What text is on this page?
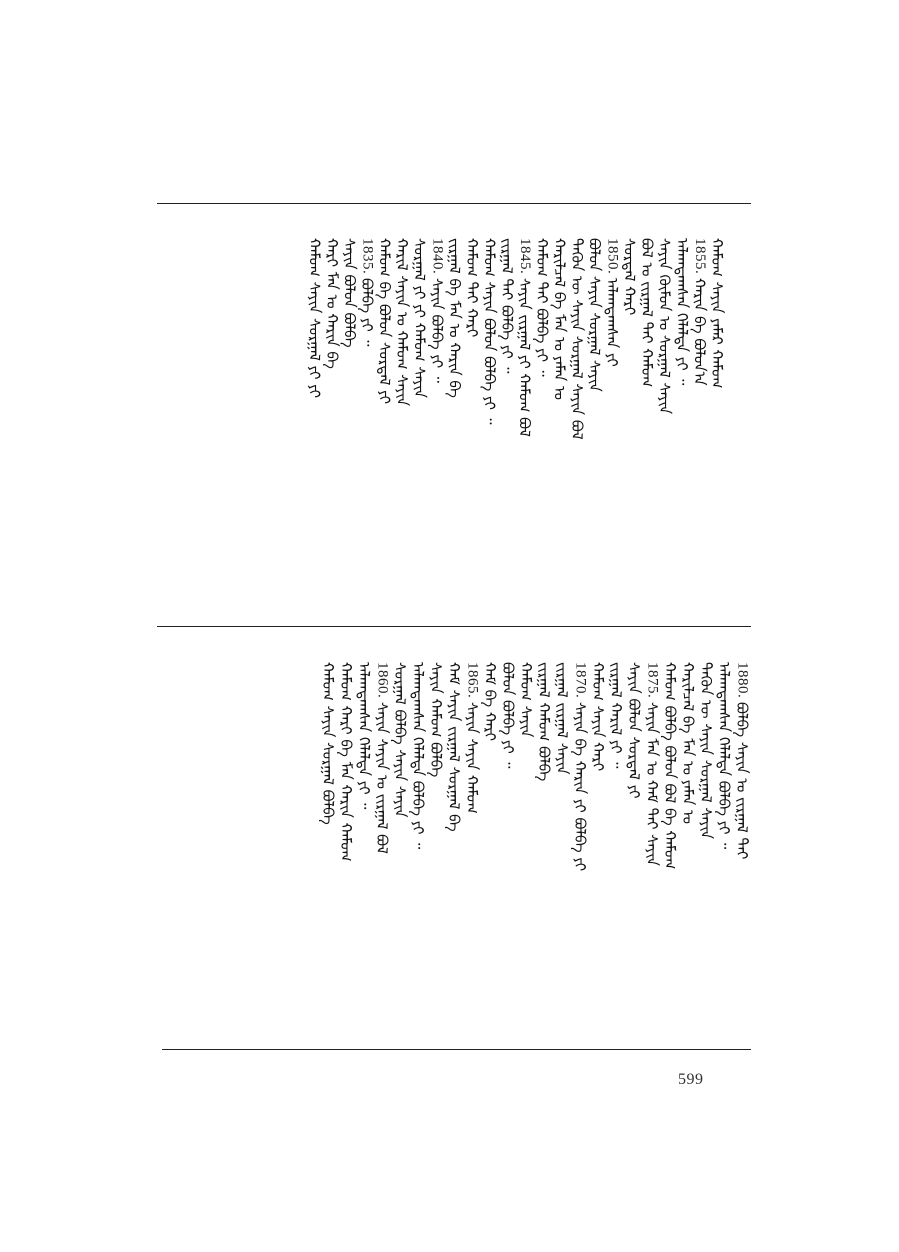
ᠬᠠᠮᠤᠭ ᠰᠠᠶᠢᠨ ᠶᠠᠮᠠᠷ ᠬᠠᠮᠤᠭ
1855.
ᠬᠠᠷᠢᠨ ᠪᠠ ᠪᠣᠯᠣᠨ᠎ᠠ
ᠠᠯᠠᠭᠳᠠᠭᠰᠠᠨ ᠬᠡᠯᠡᠯᠲᠡ ᠶᠢ ᠃
ᠰᠠᠶᠢᠨ ᠬᠦᠮᠦᠨ ᠤ ᠰᠤᠷᠭᠠᠯ ᠰᠠᠶᠢᠨ
ᠪᠣᠯ ᠤ ᠵᠢᠷᠭᠠᠯ ᠲᠠᠢ ᠬᠠᠮᠤᠭ
ᠰᠤᠷᠲᠠᠯ ᠬᠠᠷᠢ
1850.
ᠠᠯᠠᠭᠳᠠᠭᠰᠠᠨ ᠶᠢ
ᠪᠣᠯᠣᠨ ᠰᠠᠶᠢᠨ ᠰᠤᠷᠭᠠᠯ ᠰᠠᠶᠢᠨ
ᠲᠡᠭᠦᠨ ᠦ ᠰᠠᠶᠢᠨ ᠰᠤᠷᠭᠠᠯ ᠰᠠᠶᠢᠨ ᠪᠣᠯ
ᠬᠠᠷᠢᠯᠴᠠᠯ ᠪᠠ ᠮᠠᠨ ᠤ ᠶᠠᠮᠠᠨ ᠤ
ᠬᠠᠮᠤᠭ ᠲᠠᠢ ᠪᠣᠯᠪᠠ ᠶᠢ ᠃
1845.
ᠰᠠᠶᠢᠨ ᠵᠢᠷᠭᠠᠯ ᠶᠢ ᠬᠠᠮᠤᠭ ᠪᠣᠯ
ᠵᠢᠷᠭᠠᠯ ᠲᠠᠢ ᠪᠣᠯᠪᠠ ᠶᠢ ᠃
ᠬᠠᠮᠤᠭ ᠰᠠᠶᠢᠨ ᠪᠣᠯᠣᠨ ᠪᠣᠯᠪᠠ ᠶᠢ ᠃
ᠬᠠᠮᠤᠭ ᠲᠠᠢ ᠬᠠᠷᠢ
ᠵᠢᠷᠭᠠᠯ ᠪᠠ ᠮᠠᠨ ᠤ ᠬᠠᠷᠢᠨ ᠪᠠ
1840.
ᠰᠠᠶᠢᠨ ᠪᠣᠯᠪᠠ ᠶᠢ ᠃
ᠰᠤᠷᠭᠠᠯ ᠶᠢ ᠶᠢ ᠬᠠᠮᠤᠭ ᠰᠠᠶᠢᠨ
ᠬᠠᠷᠢᠯ ᠰᠠᠶᠢᠨ ᠤ ᠬᠠᠮᠤᠭ ᠰᠠᠶᠢᠨ
ᠬᠠᠮᠤᠭ ᠪᠠ ᠪᠣᠯᠣᠨ ᠰᠤᠷᠲᠠᠯ ᠶᠢ
1835.
ᠪᠣᠯᠪᠠ ᠶᠢ ᠃
ᠰᠠᠶᠢᠨ ᠪᠣᠯᠣᠨ ᠪᠣᠯᠪᠠ
ᠬᠠᠷᠢ ᠮᠠᠨ ᠤ ᠬᠠᠷᠢᠨ ᠪᠠ
ᠬᠠᠮᠤᠭ ᠰᠠᠶᠢᠨ ᠰᠤᠷᠭᠠᠯ ᠶᠢ ᠶᠢ
1880.
ᠪᠣᠯᠪᠠ ᠰᠠᠶᠢᠨ ᠤ ᠵᠢᠷᠭᠠᠯ ᠲᠠᠢ
ᠠᠯᠠᠭᠳᠠᠭᠰᠠᠨ ᠬᠡᠯᠡᠯᠲᠡ ᠪᠣᠯᠪᠠ ᠶᠢ ᠃
ᠲᠡᠭᠦᠨ ᠦ ᠰᠠᠶᠢᠨ ᠰᠤᠷᠭᠠᠯ ᠰᠠᠶᠢᠨ
ᠬᠠᠷᠢᠯᠴᠠᠯ ᠪᠠ ᠮᠠᠨ ᠤ ᠶᠠᠮᠠᠨ ᠤ
ᠬᠠᠮᠤᠭ ᠪᠣᠯᠪᠠ ᠪᠣᠯᠣᠨ ᠪᠣᠯ ᠪᠠ ᠬᠠᠮᠤᠭ
1875.
ᠰᠠᠶᠢᠨ ᠮᠠᠨ ᠤ ᠬᠠᠮ ᠲᠠᠢ ᠰᠠᠶᠢᠨ
ᠰᠠᠶᠢᠨ ᠪᠣᠯᠣᠨ ᠰᠤᠷᠲᠠᠯ ᠶᠢ
ᠵᠢᠷᠭᠠᠯ ᠬᠠᠷᠢᠯ ᠶᠢ ᠃
ᠬᠠᠮᠤᠭ ᠰᠠᠶᠢᠨ ᠬᠠᠷᠢ
1870.
ᠰᠠᠶᠢᠨ ᠪᠠ ᠬᠠᠷᠢᠨ ᠶᠢ ᠪᠣᠯᠪᠠ ᠶᠢ
ᠵᠢᠷᠭᠠᠯ ᠵᠢᠷᠭᠠᠯ ᠰᠠᠶᠢᠨ
ᠵᠢᠷᠭᠠᠯ ᠬᠠᠮᠤᠭ ᠪᠣᠯᠪᠠ
ᠬᠠᠮᠤᠭ ᠰᠠᠶᠢᠨ
ᠪᠣᠯᠣᠨ ᠪᠣᠯᠪᠠ ᠶᠢ ᠃
ᠬᠠᠮ ᠪᠠ ᠬᠠᠷᠢ
1865.
ᠰᠠᠶᠢᠨ ᠰᠠᠶᠢᠨ ᠬᠠᠮᠤᠭ
ᠬᠠᠮ ᠰᠠᠶᠢᠨ ᠵᠢᠷᠭᠠᠯ ᠰᠤᠷᠭᠠᠯ ᠪᠠ
ᠰᠠᠶᠢᠨ ᠬᠠᠮᠤᠭ ᠪᠣᠯᠪᠠ
ᠠᠯᠠᠭᠳᠠᠭᠰᠠᠨ ᠬᠡᠯᠡᠯᠲᠡ ᠪᠣᠯᠪᠠ ᠶᠢ ᠃
ᠰᠤᠷᠭᠠᠯ ᠪᠣᠯᠪᠠ ᠰᠠᠶᠢᠨ ᠰᠠᠶᠢᠨ
1860.
ᠰᠠᠶᠢᠨ ᠰᠠᠶᠢᠨ ᠤ ᠵᠢᠷᠭᠠᠯ ᠪᠣᠯ
ᠠᠯᠠᠭᠳᠠᠭᠰᠠᠨ ᠬᠡᠯᠡᠯᠲᠡ ᠶᠢ ᠃
ᠬᠠᠮᠤᠭ ᠬᠠᠷᠢ ᠪᠠ ᠮᠠᠨ ᠬᠠᠷᠢᠨ ᠬᠠᠮᠤᠭ
ᠬᠠᠮᠤᠭ ᠰᠠᠶᠢᠨ ᠰᠤᠷᠭᠠᠯ ᠪᠣᠯᠪᠠ
599
